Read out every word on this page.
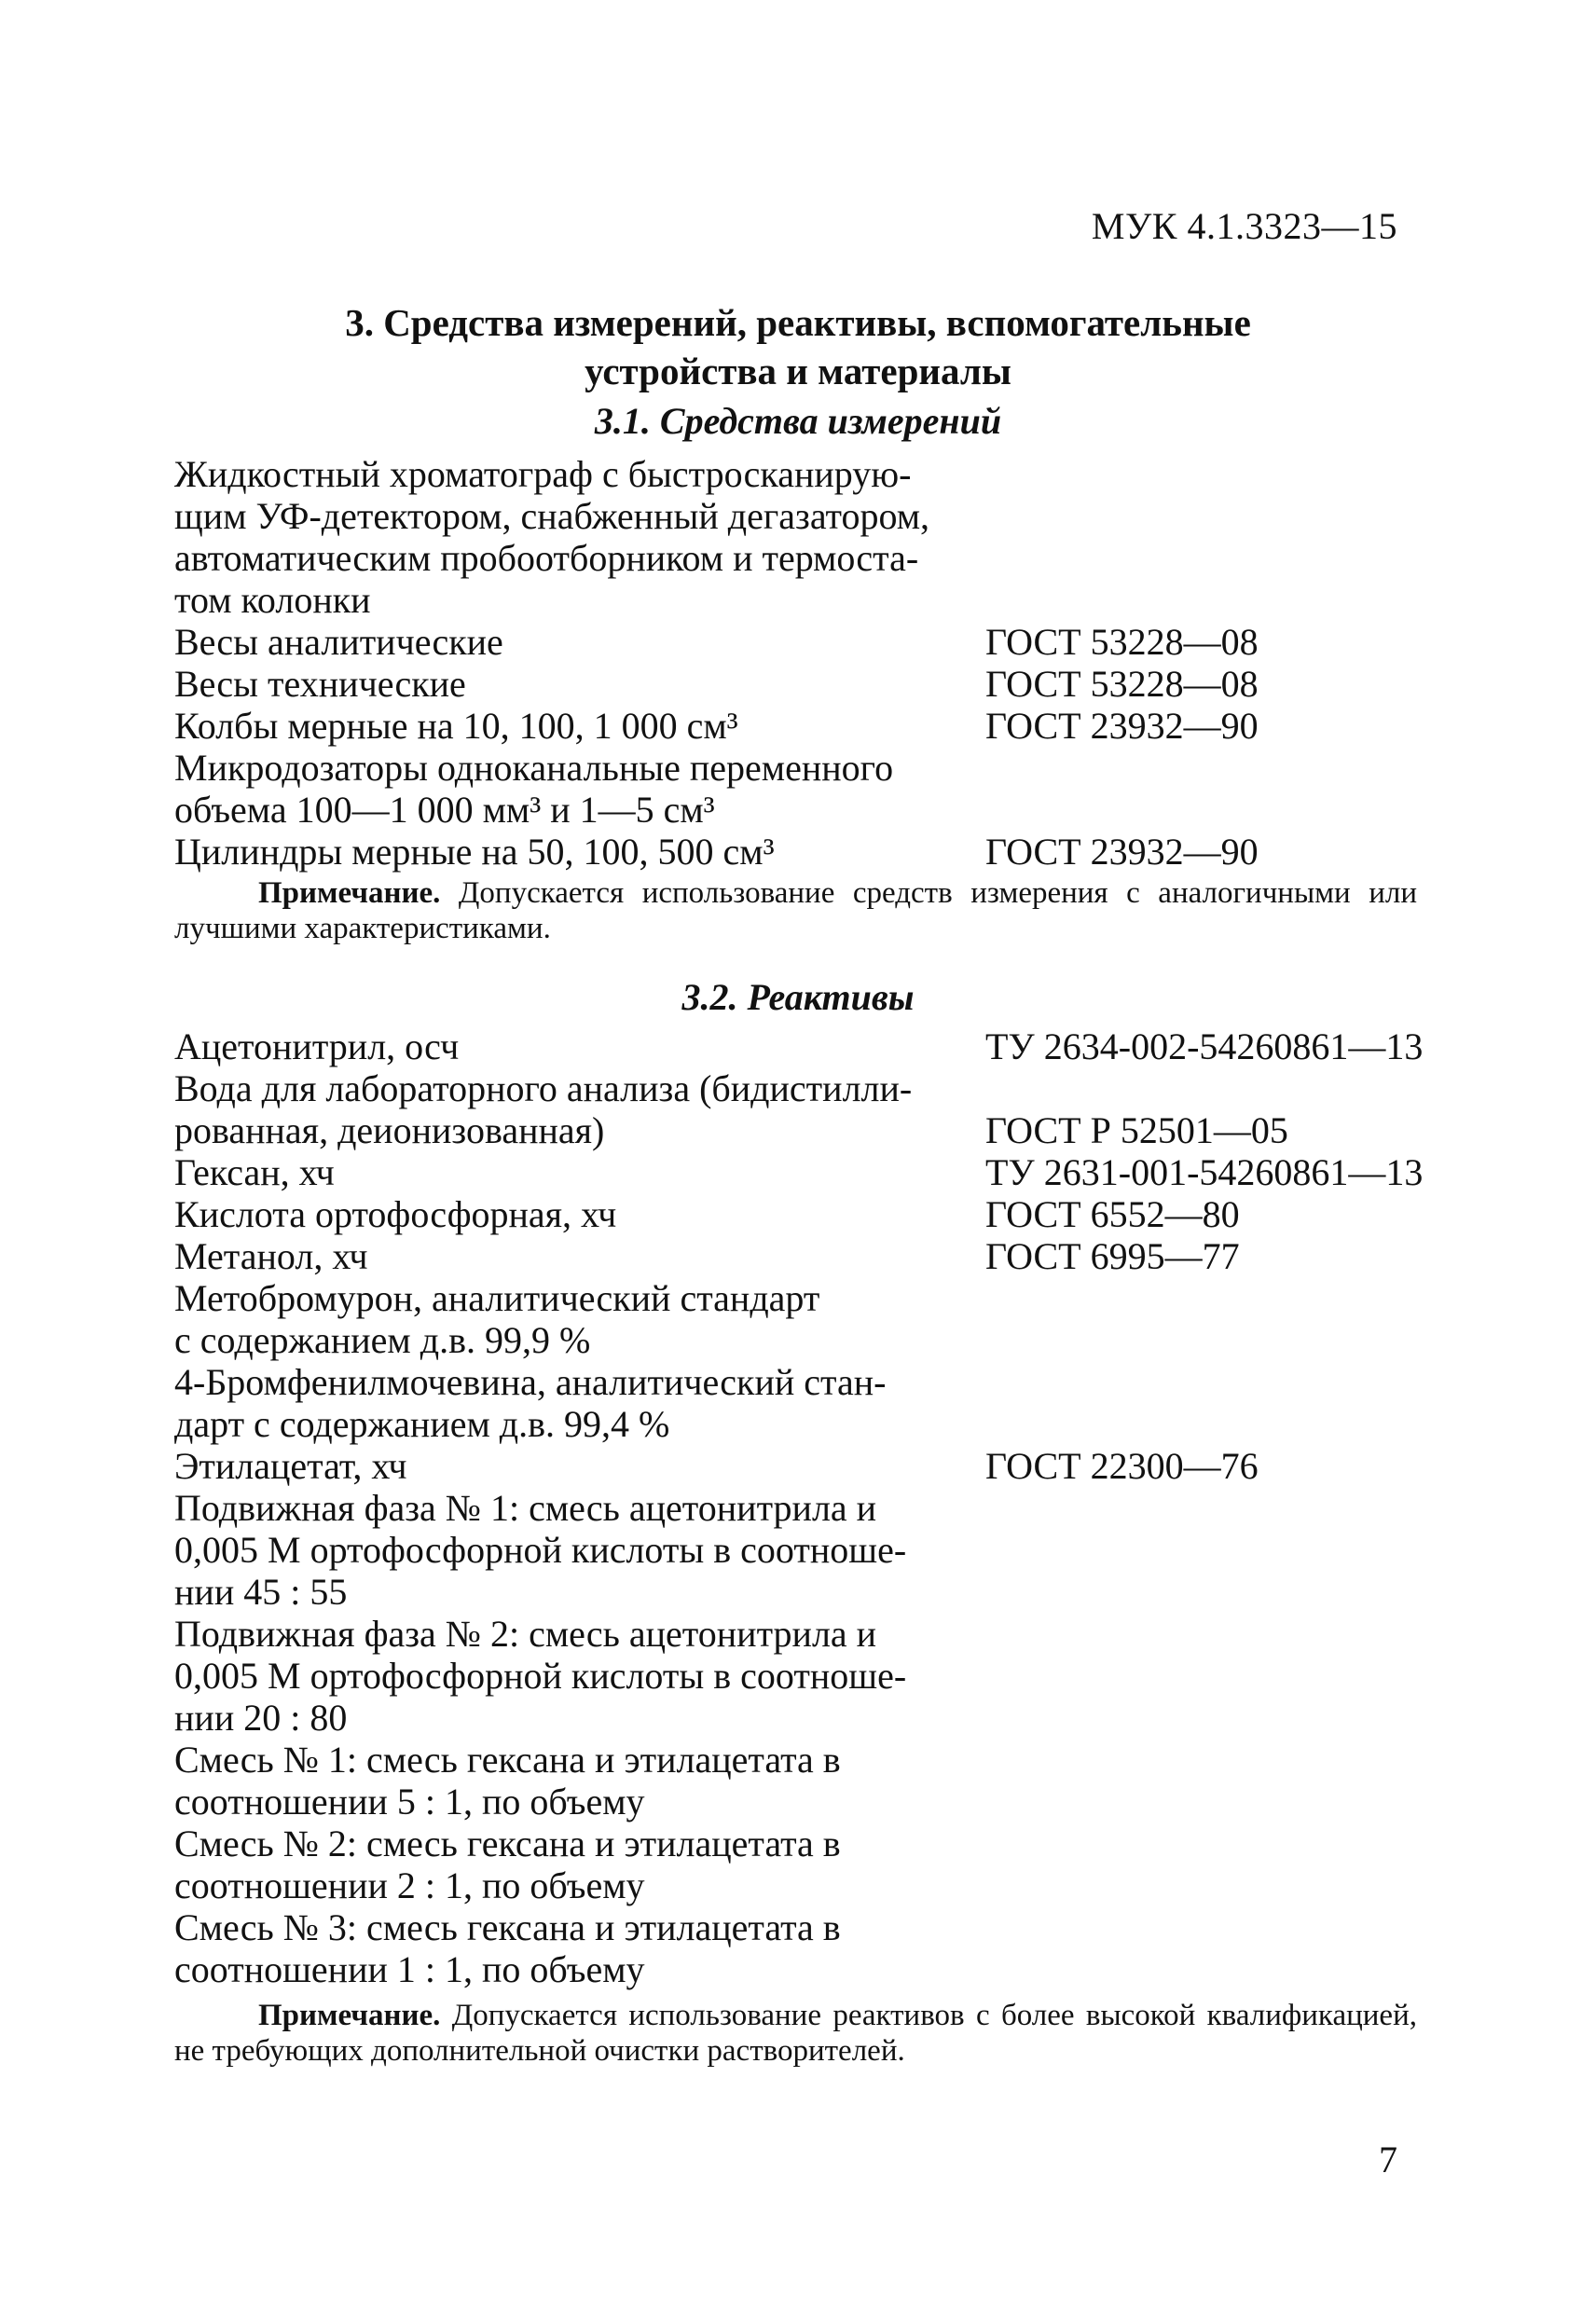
МУК 4.1.3323—15
3. Средства измерений, реактивы, вспомогательные
устройства и материалы
3.1. Средства измерений
Жидкостный хроматограф с быстросканирую-
щим УФ-детектором, снабженный дегазатором,
автоматическим пробоотборником и термоста-
том колонки
Весы аналитические	ГОСТ 53228—08
Весы технические	ГОСТ 53228—08
Колбы мерные на 10, 100, 1 000 см³	ГОСТ 23932—90
Микродозаторы одноканальные переменного
объема 100—1 000 мм³ и 1—5 см³
Цилиндры мерные на 50, 100, 500 см³	ГОСТ 23932—90
Примечание. Допускается использование средств измерения с аналогичными или лучшими характеристиками.
3.2. Реактивы
Ацетонитрил, осч	ТУ 2634-002-54260861—13
Вода для лабораторного анализа (бидистилли-
рованная, деионизованная)	ГОСТ Р 52501—05
Гексан, хч	ТУ 2631-001-54260861—13
Кислота ортофосфорная, хч	ГОСТ 6552—80
Метанол, хч	ГОСТ 6995—77
Метобромурон, аналитический стандарт
с содержанием д.в. 99,9 %
4-Бромфенилмочевина, аналитический стан-
дарт с содержанием д.в. 99,4 %
Этилацетат, хч	ГОСТ 22300—76
Подвижная фаза № 1: смесь ацетонитрила и
0,005 М ортофосфорной кислоты в соотноше-
нии 45 : 55
Подвижная фаза № 2: смесь ацетонитрила и
0,005 М ортофосфорной кислоты в соотноше-
нии 20 : 80
Смесь № 1: смесь гексана и этилацетата в
соотношении 5 : 1, по объему
Смесь № 2: смесь гексана и этилацетата в
соотношении 2 : 1, по объему
Смесь № 3: смесь гексана и этилацетата в
соотношении 1 : 1, по объему
Примечание. Допускается использование реактивов с более высокой квалификацией, не требующих дополнительной очистки растворителей.
7
